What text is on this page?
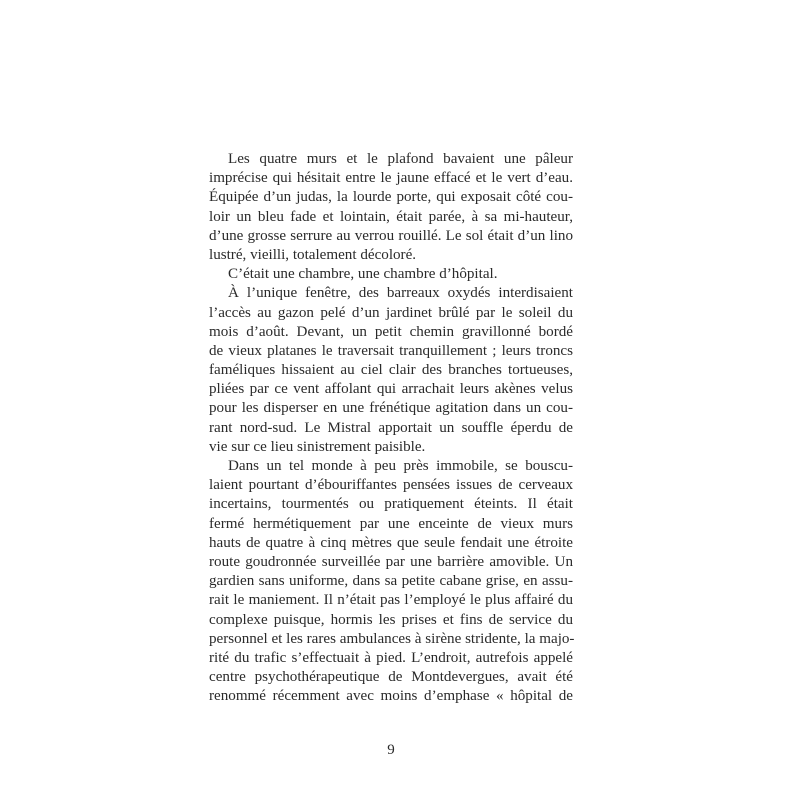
Les quatre murs et le plafond bavaient une pâleur
imprécise qui hésitait entre le jaune effacé et le vert d’eau.
Équipée d’un judas, la lourde porte, qui exposait côté cou-
loir un bleu fade et lointain, était parée, à sa mi-hauteur,
d’une grosse serrure au verrou rouillé. Le sol était d’un lino
lustré, vieilli, totalement décoloré.
C’était une chambre, une chambre d’hôpital.
À l’unique fenêtre, des barreaux oxydés interdisaient
l’accès au gazon pelé d’un jardinet brûlé par le soleil du
mois d’août. Devant, un petit chemin gravillonné bordé
de vieux platanes le traversait tranquillement ; leurs troncs
faméliques hissaient au ciel clair des branches tortueuses,
pliées par ce vent affolant qui arrachait leurs akènes velus
pour les disperser en une frénétique agitation dans un cou-
rant nord-sud. Le Mistral apportait un souffle éperdu de
vie sur ce lieu sinistrement paisible.
Dans un tel monde à peu près immobile, se bouscu-
laient pourtant d’ébouriffantes pensées issues de cerveaux
incertains, tourmentés ou pratiquement éteints. Il était
fermé hermétiquement par une enceinte de vieux murs
hauts de quatre à cinq mètres que seule fendait une étroite
route goudronnée surveillée par une barrière amovible. Un
gardien sans uniforme, dans sa petite cabane grise, en assu-
rait le maniement. Il n’était pas l’employé le plus affairé du
complexe puisque, hormis les prises et fins de service du
personnel et les rares ambulances à sirène stridente, la majo-
rité du trafic s’effectuait à pied. L’endroit, autrefois appelé
centre psychothérapeutique de Montdevergues, avait été
renommé récemment avec moins d’emphase « hôpital de
9
